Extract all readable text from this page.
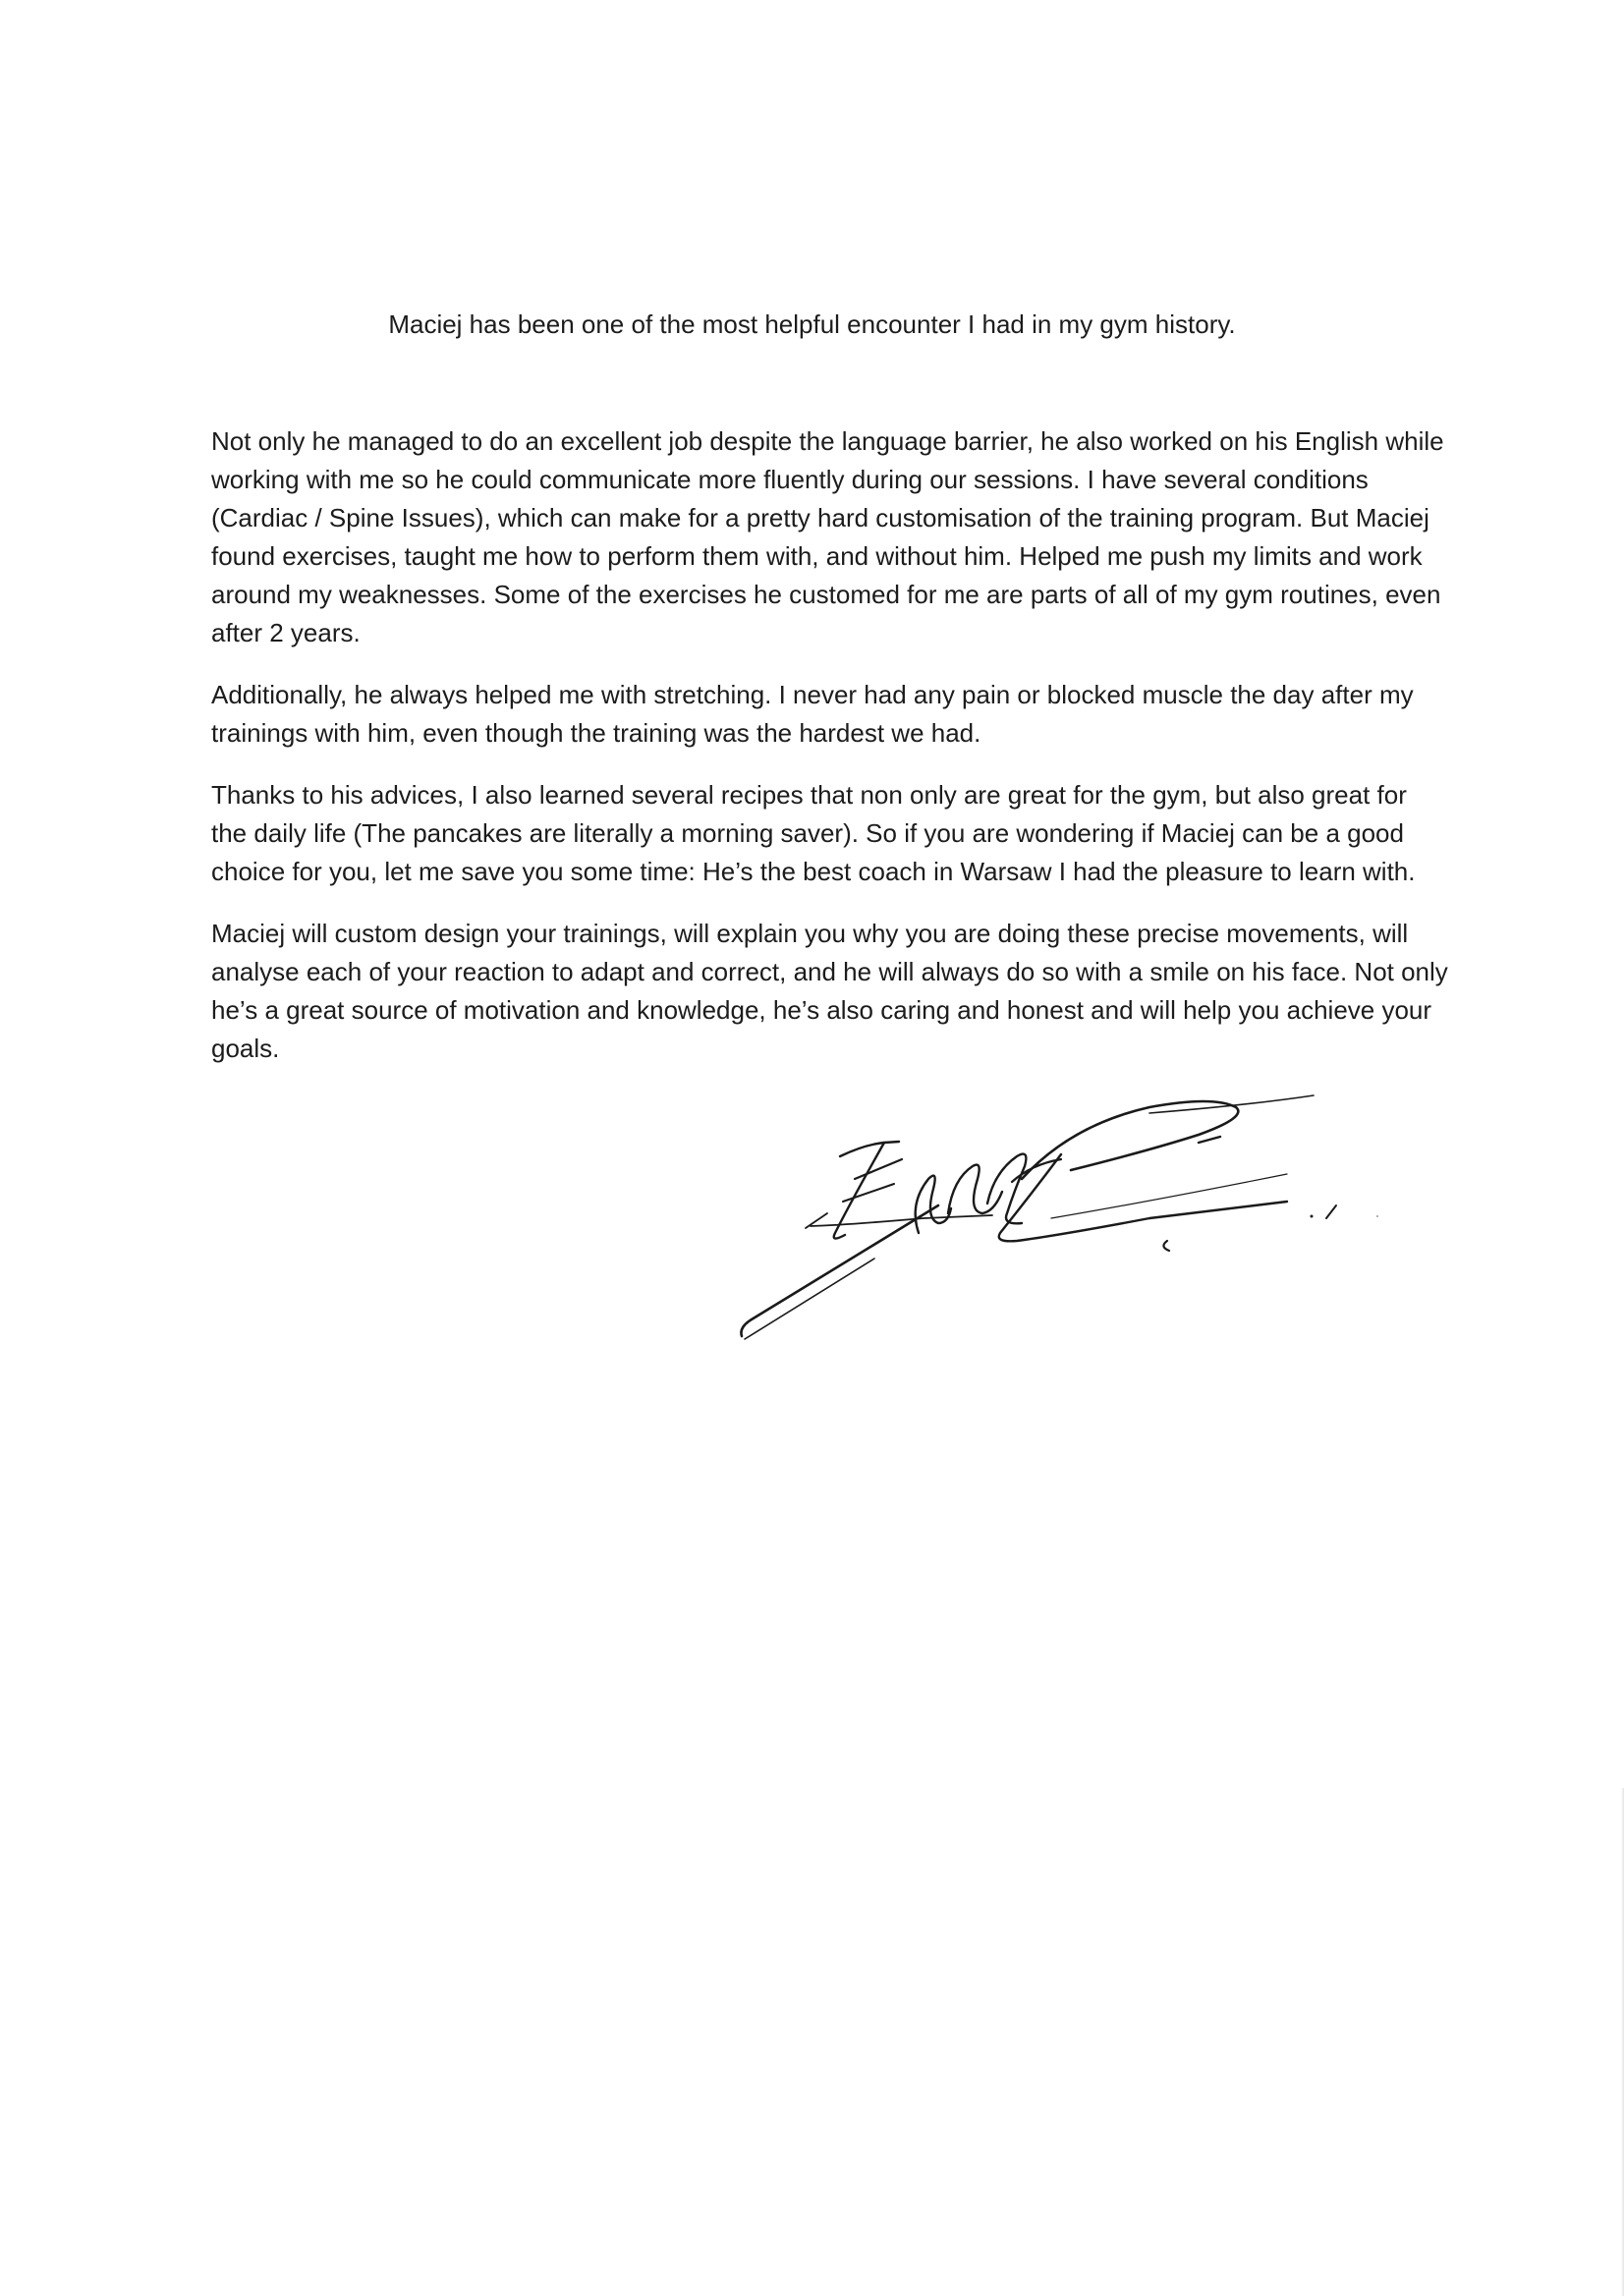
Maciej has been one of the most helpful encounter I had in my gym history.

Not only he managed to do an excellent job despite the language barrier, he also worked on his English while working with me so he could communicate more fluently during our sessions. I have several conditions (Cardiac / Spine Issues), which can make for a pretty hard customisation of the training program. But Maciej found exercises, taught me how to perform them with, and without him. Helped me push my limits and work around my weaknesses. Some of the exercises he customed for me are parts of all of my gym routines, even after 2 years.

Additionally, he always helped me with stretching. I never had any pain or blocked muscle the day after my trainings with him, even though the training was the hardest we had.

Thanks to his advices, I also learned several recipes that non only are great for the gym, but also great for the daily life (The pancakes are literally a morning saver). So if you are wondering if Maciej can be a good choice for you, let me save you some time: He’s the best coach in Warsaw I had the pleasure to learn with.

Maciej will custom design your trainings, will explain you why you are doing these precise movements, will analyse each of your reaction to adapt and correct, and he will always do so with a smile on his face. Not only he’s a great source of motivation and knowledge, he’s also caring and honest and will help you achieve your goals.
